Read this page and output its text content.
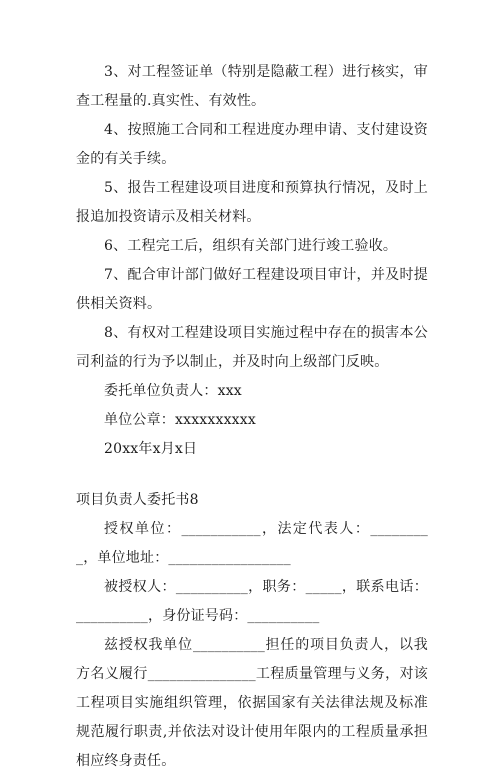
3、对工程签证单（特别是隐蔽工程）进行核实，审查工程量的.真实性、有效性。

4、按照施工合同和工程进度办理申请、支付建设资金的有关手续。

5、报告工程建设项目进度和预算执行情况，及时上报追加投资请示及相关材料。

6、工程完工后，组织有关部门进行竣工验收。

7、配合审计部门做好工程建设项目审计，并及时提供相关资料。

8、有权对工程建设项目实施过程中存在的损害本公司利益的行为予以制止，并及时向上级部门反映。

委托单位负责人：xxx

单位公章：xxxxxxxxxx

20xx年x月x日

项目负责人委托书8

授权单位：___________，法定代表人：_________，单位地址：_________________

被授权人：__________，职务：_____，联系电话：__________，身份证号码：__________

兹授权我单位__________担任的项目负责人，以我方名义履行_______________工程质量管理与义务，对该工程项目实施组织管理，依据国家有关法律法规及标准规范履行职责,并依法对设计使用年限内的工程质量承担相应终身责任。
